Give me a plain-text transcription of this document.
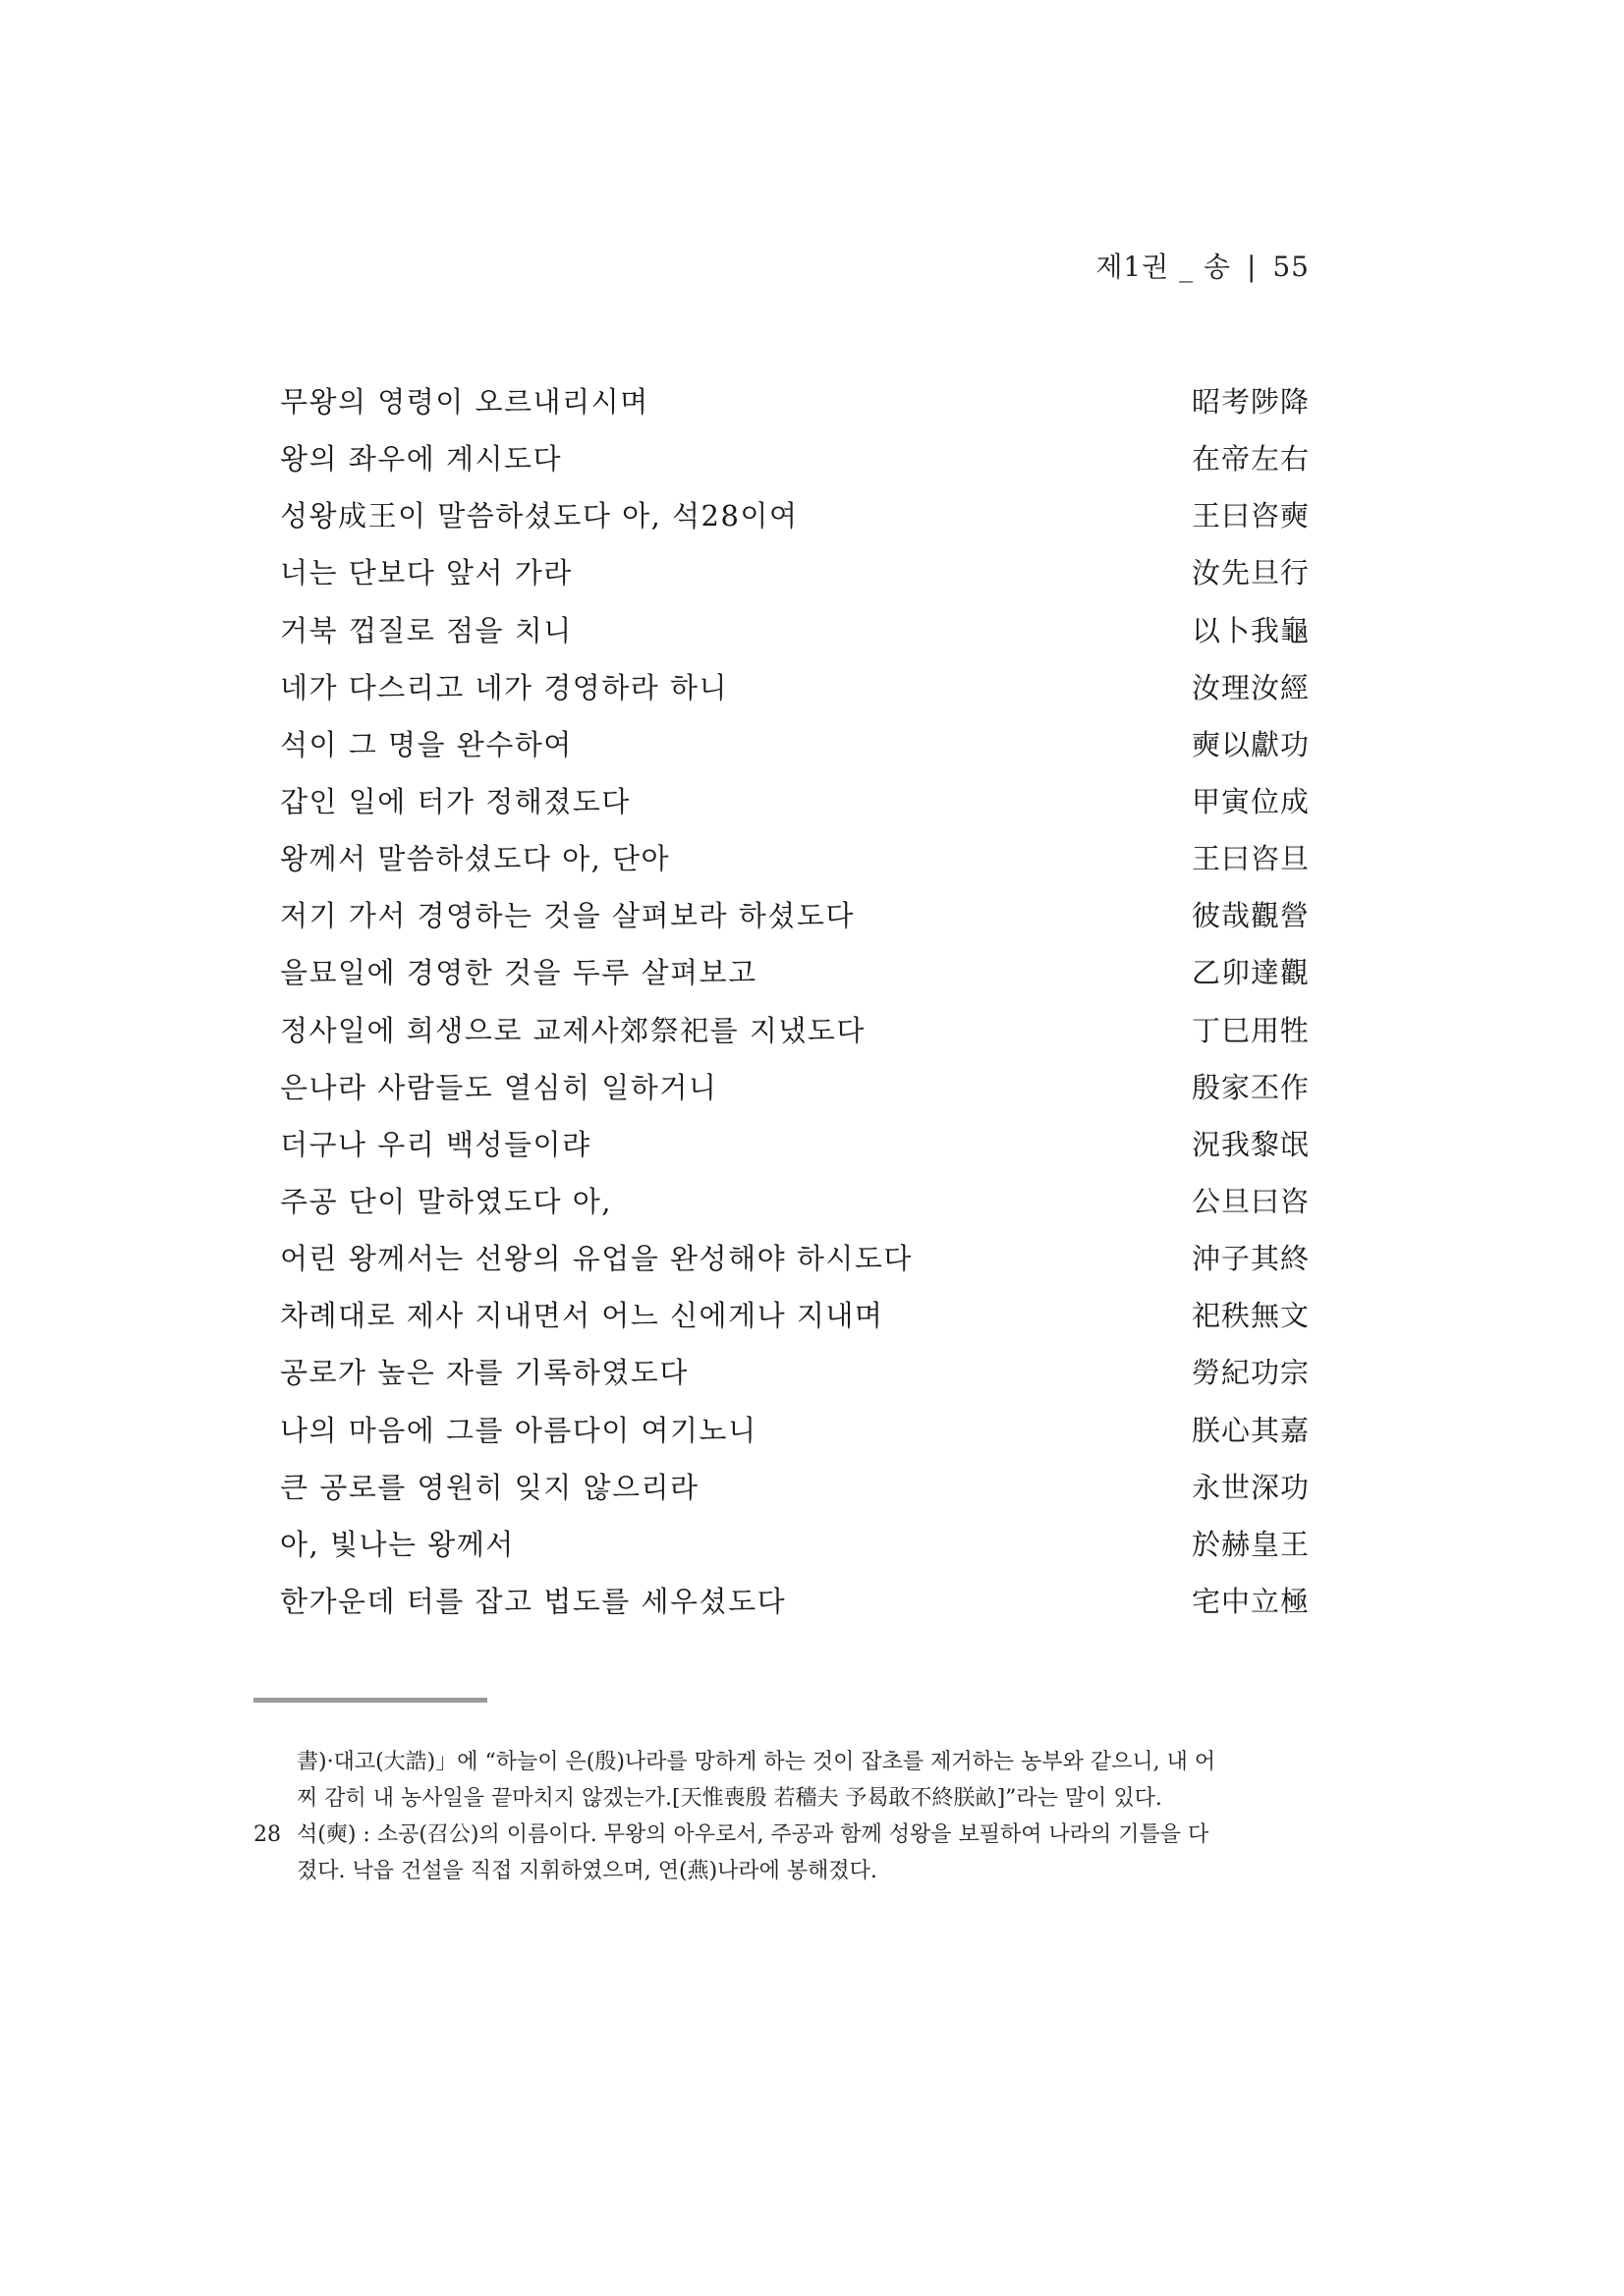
제1권 _ 송 | 55
무왕의 영령이 오르내리시며	昭考陟降
왕의 좌우에 계시도다	在帝左右
성왕成王이 말씀하셨도다 아, 석28이여	王曰咨奭
너는 단보다 앞서 가라	汝先旦行
거북 껍질로 점을 치니	以卜我龜
네가 다스리고 네가 경영하라 하니	汝理汝經
석이 그 명을 완수하여	奭以獻功
갑인 일에 터가 정해졌도다	甲寅位成
왕께서 말씀하셨도다 아, 단아	王曰咨旦
저기 가서 경영하는 것을 살펴보라 하셨도다	彼哉觀營
을묘일에 경영한 것을 두루 살펴보고	乙卯達觀
정사일에 희생으로 교제사郊祭祀를 지냈도다	丁巳用牲
은나라 사람들도 열심히 일하거니	殷家丕作
더구나 우리 백성들이랴	況我黎氓
주공 단이 말하였도다 아,	公旦曰咨
어린 왕께서는 선왕의 유업을 완성해야 하시도다	沖子其終
차례대로 제사 지내면서 어느 신에게나 지내며	祀秩無文
공로가 높은 자를 기록하였도다	勞紀功宗
나의 마음에 그를 아름다이 여기노니	朕心其嘉
큰 공로를 영원히 잊지 않으리라	永世深功
아, 빛나는 왕께서	於赫皇王
한가운데 터를 잡고 법도를 세우셨도다	宅中立極
書)·대고(大誥)」에 “하늘이 은(殷)나라를 망하게 하는 것이 잡초를 제거하는 농부와 같으니, 내 어
찌 감히 내 농사일을 끝마치지 않겠는가.[天惟喪殷 若穡夫 予曷敢不終朕畝]”라는 말이 있다.
28 석(奭) : 소공(召公)의 이름이다. 무왕의 아우로서, 주공과 함께 성왕을 보필하여 나라의 기틀을 다
졌다. 낙읍 건설을 직접 지휘하였으며, 연(燕)나라에 봉해졌다.
